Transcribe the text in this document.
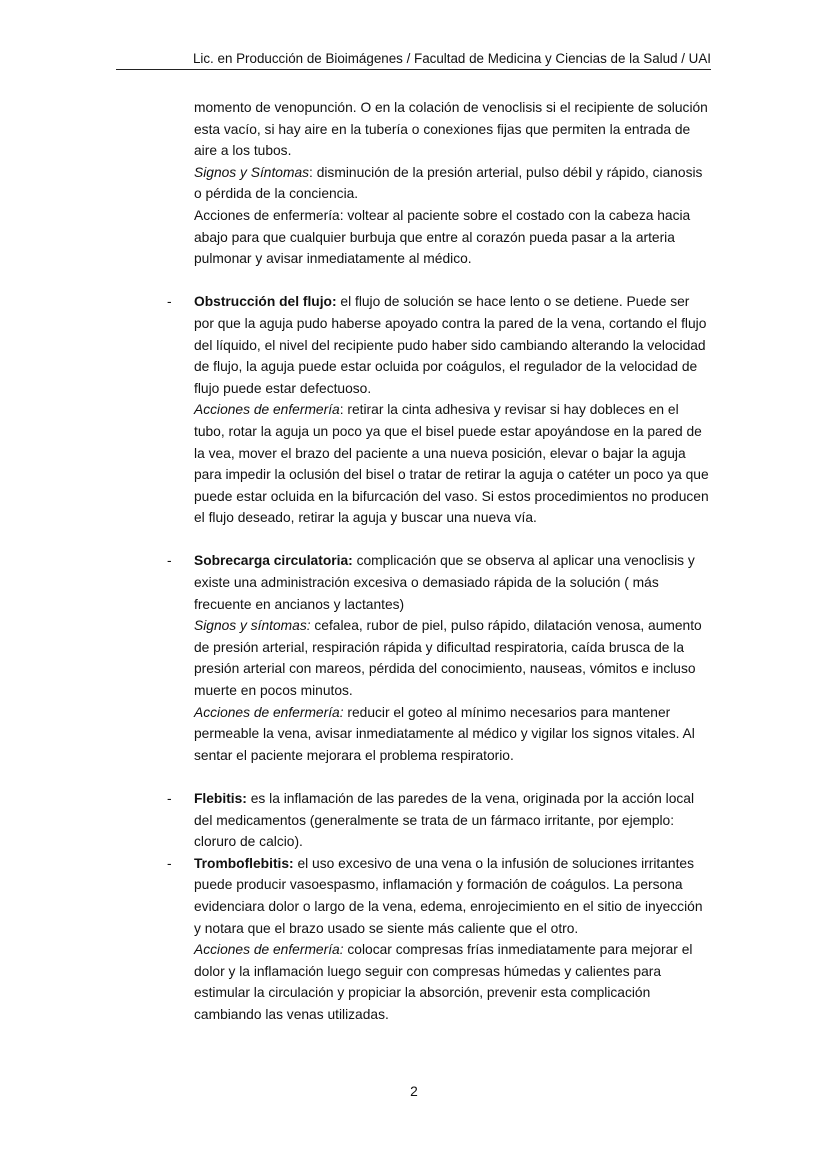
Lic. en Producción de Bioimágenes / Facultad de Medicina y Ciencias de la Salud / UAI

momento de venopunción. O en la colación de venoclisis si el recipiente de solución esta vacío, si hay aire en la tubería o conexiones fijas que permiten la entrada de aire a los tubos.

Signos y Síntomas: disminución de la presión arterial, pulso débil y rápido, cianosis o pérdida de la conciencia.

Acciones de enfermería: voltear al paciente sobre el costado con la cabeza hacia abajo para que cualquier burbuja que entre al corazón pueda pasar a la arteria pulmonar y avisar inmediatamente al médico.

- Obstrucción del flujo: el flujo de solución se hace lento o se detiene. Puede ser por que la aguja pudo haberse apoyado contra la pared de la vena, cortando el flujo del líquido, el nivel del recipiente pudo haber sido cambiando alterando la velocidad de flujo, la aguja puede estar ocluida por coágulos, el regulador de la velocidad de flujo puede estar defectuoso.

Acciones de enfermería: retirar la cinta adhesiva y revisar si hay dobleces en el tubo, rotar la aguja un poco ya que el bisel puede estar apoyándose en la pared de la vea, mover el brazo del paciente a una nueva posición, elevar o bajar la aguja para impedir la oclusión del bisel o tratar de retirar la aguja o catéter un poco ya que puede estar ocluida en la bifurcación del vaso. Si estos procedimientos no producen el flujo deseado, retirar la aguja y buscar una nueva vía.

- Sobrecarga circulatoria: complicación que se observa al aplicar una venoclisis y existe una administración excesiva o demasiado rápida de la solución ( más frecuente en ancianos y lactantes)

Signos y síntomas: cefalea, rubor de piel, pulso rápido, dilatación venosa, aumento de presión arterial, respiración rápida y dificultad respiratoria, caída brusca de la presión arterial con mareos, pérdida del conocimiento, nauseas, vómitos e incluso muerte en pocos minutos.

Acciones de enfermería: reducir el goteo al mínimo necesarios para mantener permeable la vena, avisar inmediatamente al médico y vigilar los signos vitales. Al sentar el paciente mejorara el problema respiratorio.

- Flebitis: es la inflamación de las paredes de la vena, originada por la acción local del medicamentos (generalmente se trata de un fármaco irritante, por ejemplo: cloruro de calcio).

- Tromboflebitis: el uso excesivo de una vena o la infusión de soluciones irritantes puede producir vasoespasmo, inflamación y formación de coágulos. La persona evidenciara dolor o largo de la vena, edema, enrojecimiento en el sitio de inyección y notara que el brazo usado se siente más caliente que el otro.

Acciones de enfermería: colocar compresas frías inmediatamente para mejorar el dolor y la inflamación luego seguir con compresas húmedas y calientes para estimular la circulación y propiciar la absorción, prevenir esta complicación cambiando las venas utilizadas.

2
